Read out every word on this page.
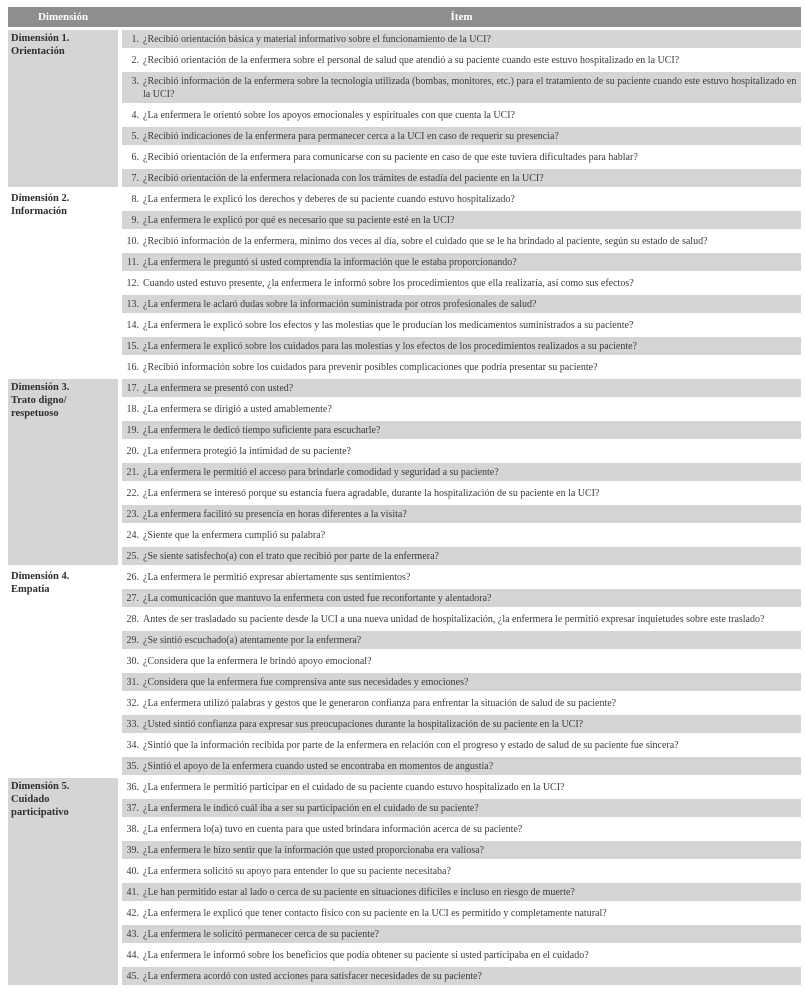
Dimensión	Ítem
Dimensión 1.
Orientación
1. ¿Recibió orientación básica y material informativo sobre el funcionamiento de la UCI?
2. ¿Recibió orientación de la enfermera sobre el personal de salud que atendió a su paciente cuando este estuvo hospitalizado en la UCI?
3. ¿Recibió información de la enfermera sobre la tecnología utilizada (bombas, monitores, etc.) para el tratamiento de su paciente cuando este estuvo hospitalizado en la UCI?
4. ¿La enfermera le orientó sobre los apoyos emocionales y espirituales con que cuenta la UCI?
5. ¿Recibió indicaciones de la enfermera para permanecer cerca a la UCI en caso de requerir su presencia?
6. ¿Recibió orientación de la enfermera para comunicarse con su paciente en caso de que este tuviera dificultades para hablar?
7. ¿Recibió orientación de la enfermera relacionada con los trámites de estadía del paciente en la UCI?
Dimensión 2.
Información
8. ¿La enfermera le explicó los derechos y deberes de su paciente cuando estuvo hospitalizado?
9. ¿La enfermera le explicó por qué es necesario que su paciente esté en la UCI?
10. ¿Recibió información de la enfermera, mínimo dos veces al día, sobre el cuidado que se le ha brindado al paciente, según su estado de salud?
11. ¿La enfermera le preguntó si usted comprendía la información que le estaba proporcionando?
12. Cuando usted estuvo presente, ¿la enfermera le informó sobre los procedimientos que ella realizaría, así como sus efectos?
13. ¿La enfermera le aclaró dudas sobre la información suministrada por otros profesionales de salud?
14. ¿La enfermera le explicó sobre los efectos y las molestias que le producían los medicamentos suministrados a su paciente?
15. ¿La enfermera le explicó sobre los cuidados para las molestias y los efectos de los procedimientos realizados a su paciente?
16. ¿Recibió información sobre los cuidados para prevenir posibles complicaciones que podría presentar su paciente?
Dimensión 3.
Trato digno/
respetuoso
17. ¿La enfermera se presentó con usted?
18. ¿La enfermera se dirigió a usted amablemente?
19. ¿La enfermera le dedicó tiempo suficiente para escucharle?
20. ¿La enfermera protegió la intimidad de su paciente?
21. ¿La enfermera le permitió el acceso para brindarle comodidad y seguridad a su paciente?
22. ¿La enfermera se interesó porque su estancia fuera agradable, durante la hospitalización de su paciente en la UCI?
23. ¿La enfermera facilitó su presencia en horas diferentes a la visita?
24. ¿Siente que la enfermera cumplió su palabra?
25. ¿Se siente satisfecho(a) con el trato que recibió por parte de la enfermera?
Dimensión 4.
Empatía
26. ¿La enfermera le permitió expresar abiertamente sus sentimientos?
27. ¿La comunicación que mantuvo la enfermera con usted fue reconfortante y alentadora?
28. Antes de ser trasladado su paciente desde la UCI a una nueva unidad de hospitalización, ¿la enfermera le permitió expresar inquietudes sobre este traslado?
29. ¿Se sintió escuchado(a) atentamente por la enfermera?
30. ¿Considera que la enfermera le brindó apoyo emocional?
31. ¿Considera que la enfermera fue comprensiva ante sus necesidades y emociones?
32. ¿La enfermera utilizó palabras y gestos que le generaron confianza para enfrentar la situación de salud de su paciente?
33. ¿Usted sintió confianza para expresar sus preocupaciones durante la hospitalización de su paciente en la UCI?
34. ¿Sintió que la información recibida por parte de la enfermera en relación con el progreso y estado de salud de su paciente fue sincera?
35. ¿Sintió el apoyo de la enfermera cuando usted se encontraba en momentos de angustia?
Dimensión 5.
Cuidado
participativo
36. ¿La enfermera le permitió participar en el cuidado de su paciente cuando estuvo hospitalizado en la UCI?
37. ¿La enfermera le indicó cuál iba a ser su participación en el cuidado de su paciente?
38. ¿La enfermera lo(a) tuvo en cuenta para que usted brindara información acerca de su paciente?
39. ¿La enfermera le hizo sentir que la información que usted proporcionaba era valiosa?
40. ¿La enfermera solicitó su apoyo para entender lo que su paciente necesitaba?
41. ¿Le han permitido estar al lado o cerca de su paciente en situaciones difíciles e incluso en riesgo de muerte?
42. ¿La enfermera le explicó que tener contacto físico con su paciente en la UCI es permitido y completamente natural?
43. ¿La enfermera le solicitó permanecer cerca de su paciente?
44. ¿La enfermera le informó sobre los beneficios que podía obtener su paciente si usted participaba en el cuidado?
45. ¿La enfermera acordó con usted acciones para satisfacer necesidades de su paciente?
